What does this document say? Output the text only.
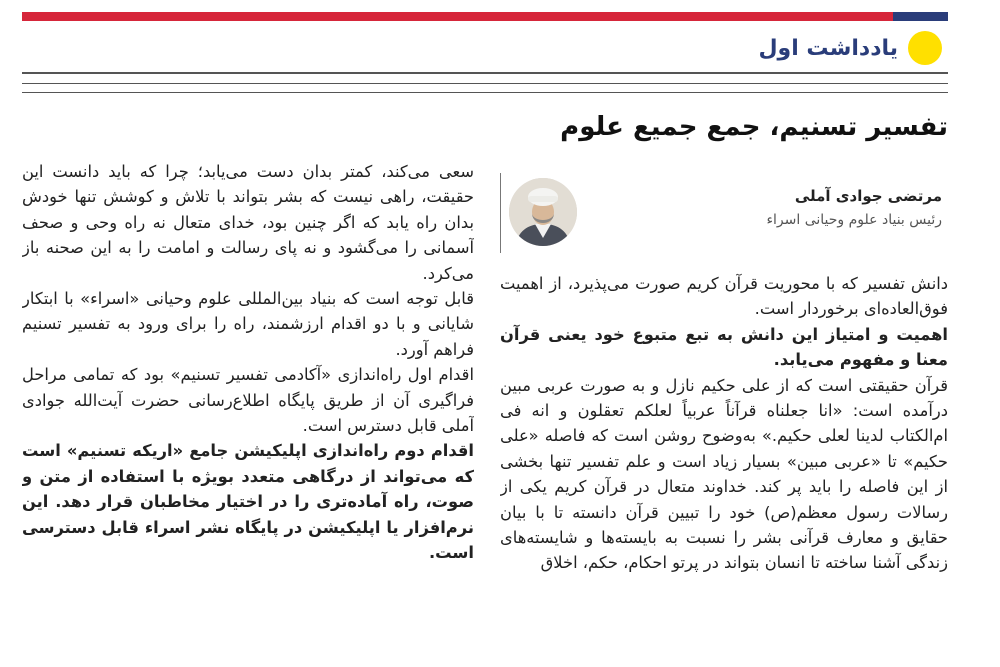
یادداشت اول
تفسیر تسنیم، جمع جمیع علوم
مرتضی جوادی آملی
رئیس بنیاد علوم وحیانی اسراء

دانش تفسیر که با محوریت قرآن کریم صورت می‌پذیرد، از اهمیت فوق‌العاده‌ای برخوردار است.

اهمیت و امتیاز این دانش به تبع متبوع خود یعنی قرآن معنا و مفهوم می‌یابد.

قرآن حقیقتی است که از علی حکیم نازل و به صورت عربی مبین درآمده است: «انا جعلناه قرآناً عربیاً لعلکم تعقلون و انه فی ام‌الکتاب لدینا لعلی حکیم.» به‌وضوح روشن است که فاصله «علی حکیم» تا «عربی مبین» بسیار زیاد است و علم تفسیر تنها بخشی از این فاصله را باید پر کند. خداوند متعال در قرآن کریم یکی از رسالات رسول معظم(ص) خود را تبیین قرآن دانسته تا با بیان حقایق و معارف قرآنی بشر را نسبت به بایسته‌ها و شایسته‌های زندگی آشنا ساخته تا انسان بتواند در پرتو احکام، حکم، اخلاق

سعی می‌کند، کمتر بدان دست می‌یابد؛ چرا که باید دانست این حقیقت، راهی نیست که بشر بتواند با تلاش و کوشش تنها خودش بدان راه یابد که اگر چنین بود، خدای متعال نه راه وحی و صحف آسمانی را می‌گشود و نه پای رسالت و امامت را به این صحنه باز می‌کرد.

قابل توجه است که بنیاد بین‌المللی علوم وحیانی «اسراء» با ابتکار شایانی و با دو اقدام ارزشمند، راه را برای ورود به تفسیر تسنیم فراهم آورد.

اقدام اول راه‌اندازی «آکادمی تفسیر تسنیم» بود که تمامی مراحل فراگیری آن از طریق پایگاه اطلاع‌رسانی حضرت آیت‌الله جوادی آملی قابل دسترس است.

اقدام دوم راه‌اندازی اپلیکیشن جامع «اریکه تسنیم» است که می‌تواند از درگاهی متعدد بویژه با استفاده از متن و صوت، راه آماده‌تری را در اختیار مخاطبان قرار دهد. این نرم‌افزار یا اپلیکیشن در پایگاه نشر اسراء قابل دسترسی است.
